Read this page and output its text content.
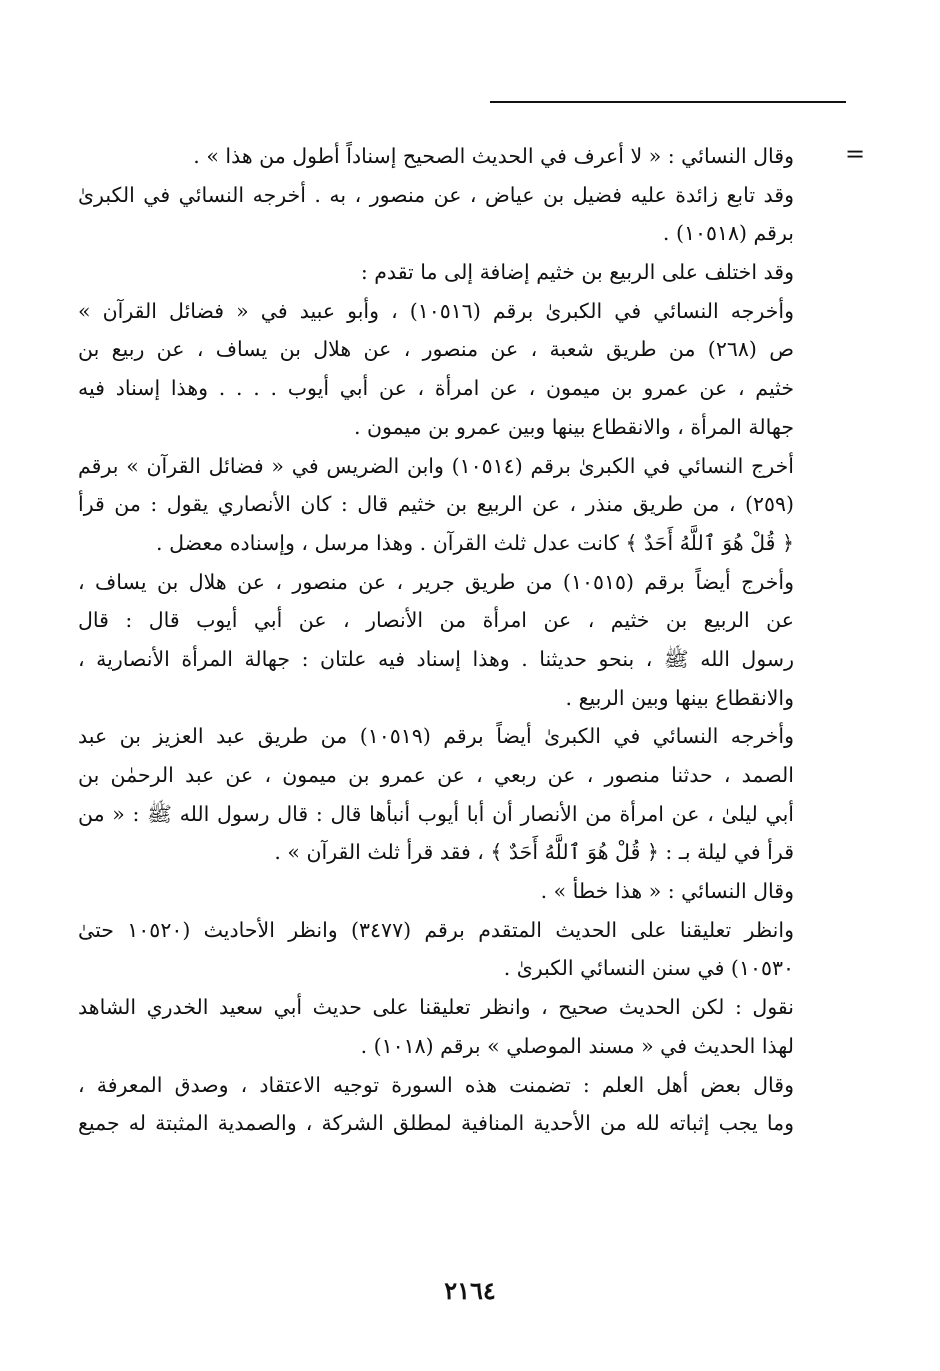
=
وقال النسائي : « لا أعرف في الحديث الصحيح إسناداً أطول من هذا » .
وقد تابع زائدة عليه فضيل بن عياض ، عن منصور ، به . أخرجه النسائي في الكبرىٰ
برقم (١٠٥١٨) .
وقد اختلف على الربيع بن خثيم إضافة إلى ما تقدم :
وأخرجه النسائي في الكبرىٰ برقم (١٠٥١٦) ، وأبو عبيد في « فضائل القرآن »
ص (٢٦٨) من طريق شعبة ، عن منصور ، عن هلال بن يساف ، عن ربيع بن
خثيم ، عن عمرو بن ميمون ، عن امرأة ، عن أبي أيوب . . . . وهذا إسناد فيه
جهالة المرأة ، والانقطاع بينها وبين عمرو بن ميمون .
أخرج النسائي في الكبرىٰ برقم (١٠٥١٤) وابن الضريس في « فضائل القرآن » برقم
(٢٥٩) ، من طريق منذر ، عن الربيع بن خثيم قال : كان الأنصاري يقول : من قرأ
﴿ قُلْ هُوَ ٱللَّهُ أَحَدٌ ﴾ كانت عدل ثلث القرآن . وهذا مرسل ، وإسناده معضل .
وأخرج أيضاً برقم (١٠٥١٥) من طريق جرير ، عن منصور ، عن هلال بن يساف ،
عن الربيع بن خثيم ، عن امرأة من الأنصار ، عن أبي أيوب قال : قال
رسول الله ﷺ ، بنحو حديثنا . وهذا إسناد فيه علتان : جهالة المرأة الأنصارية ،
والانقطاع بينها وبين الربيع .
وأخرجه النسائي في الكبرىٰ أيضاً برقم (١٠٥١٩) من طريق عبد العزيز بن عبد
الصمد ، حدثنا منصور ، عن ربعي ، عن عمرو بن ميمون ، عن عبد الرحمٰن بن
أبي ليلىٰ ، عن امرأة من الأنصار أن أبا أيوب أنبأها قال : قال رسول الله ﷺ : « من
قرأ في ليلة بـ : ﴿ قُلْ هُوَ ٱللَّهُ أَحَدٌ ﴾ ، فقد قرأ ثلث القرآن » .
وقال النسائي : « هذا خطأ » .
وانظر تعليقنا على الحديث المتقدم برقم (٣٤٧٧) وانظر الأحاديث (١٠٥٢٠ حتىٰ
١٠٥٣٠) في سنن النسائي الكبرىٰ .
نقول : لكن الحديث صحيح ، وانظر تعليقنا على حديث أبي سعيد الخدري الشاهد
لهذا الحديث في « مسند الموصلي » برقم (١٠١٨) .
وقال بعض أهل العلم : تضمنت هذه السورة توجيه الاعتقاد ، وصدق المعرفة ،
وما يجب إثباته لله من الأحدية المنافية لمطلق الشركة ، والصمدية المثبتة له جميع
٢١٦٤
